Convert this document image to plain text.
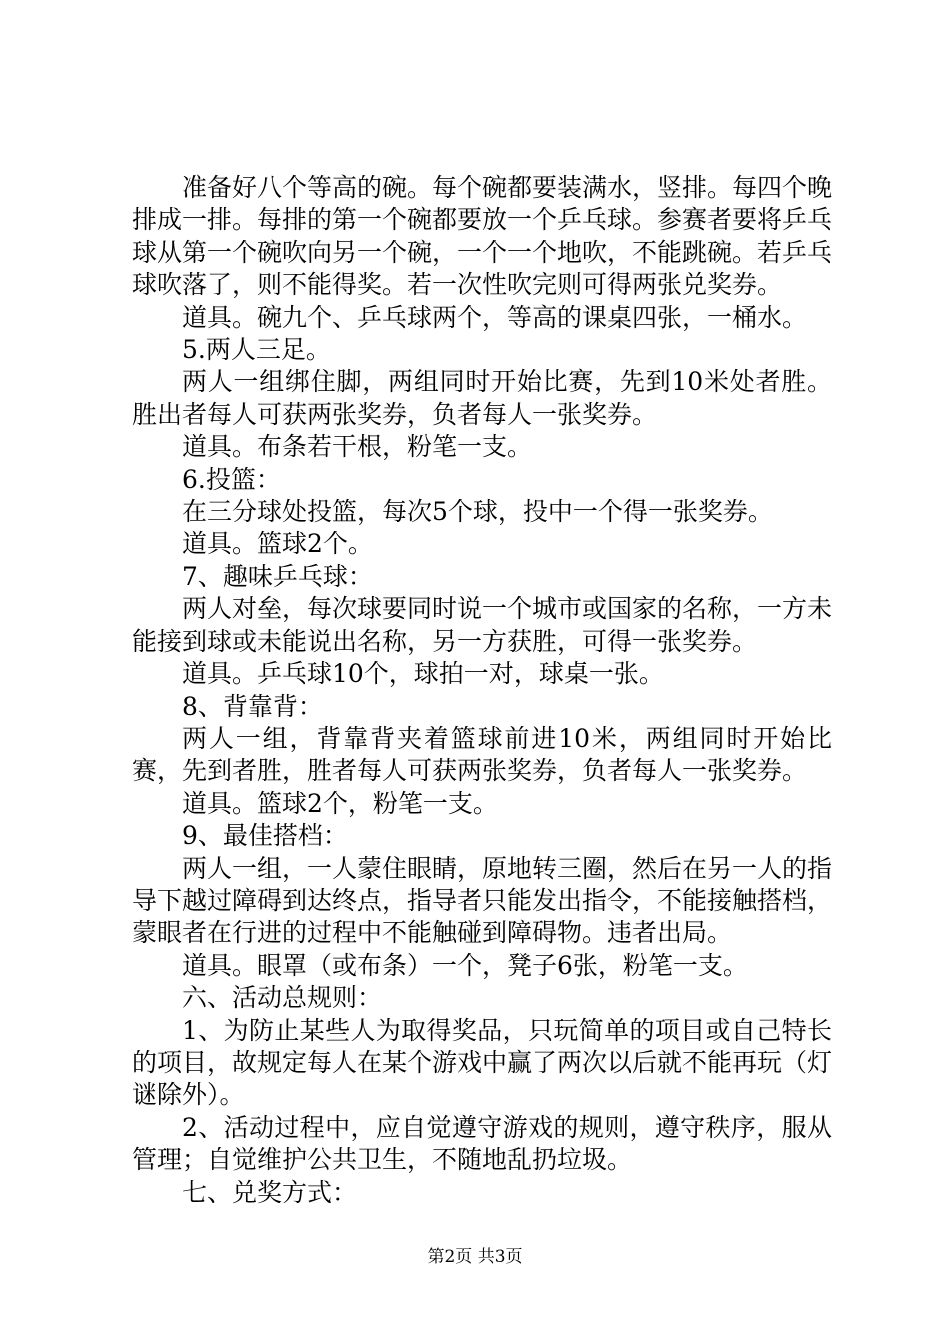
准备好八个等高的碗。每个碗都要装满水，竖排。每四个晚排成一排。每排的第一个碗都要放一个乒乓球。参赛者要将乒乓球从第一个碗吹向另一个碗，一个一个地吹，不能跳碗。若乒乓球吹落了，则不能得奖。若一次性吹完则可得两张兑奖券。

道具。碗九个、乒乓球两个，等高的课桌四张，一桶水。

5.两人三足。

两人一组绑住脚，两组同时开始比赛，先到10米处者胜。胜出者每人可获两张奖券，负者每人一张奖券。

道具。布条若干根，粉笔一支。

6.投篮：

在三分球处投篮，每次5个球，投中一个得一张奖券。

道具。篮球2个。

7、趣味乒乓球：

两人对垒，每次球要同时说一个城市或国家的名称，一方未能接到球或未能说出名称，另一方获胜，可得一张奖券。

道具。乒乓球10个，球拍一对，球桌一张。

8、背靠背：

两人一组，背靠背夹着篮球前进10米，两组同时开始比赛，先到者胜，胜者每人可获两张奖券，负者每人一张奖券。

道具。篮球2个，粉笔一支。

9、最佳搭档：

两人一组，一人蒙住眼睛，原地转三圈，然后在另一人的指导下越过障碍到达终点，指导者只能发出指令，不能接触搭档，蒙眼者在行进的过程中不能触碰到障碍物。违者出局。

道具。眼罩（或布条）一个，凳子6张，粉笔一支。

六、活动总规则：

1、为防止某些人为取得奖品，只玩简单的项目或自己特长的项目，故规定每人在某个游戏中赢了两次以后就不能再玩（灯谜除外）。

2、活动过程中，应自觉遵守游戏的规则，遵守秩序，服从管理；自觉维护公共卫生，不随地乱扔垃圾。

七、兑奖方式：

第2页 共3页
